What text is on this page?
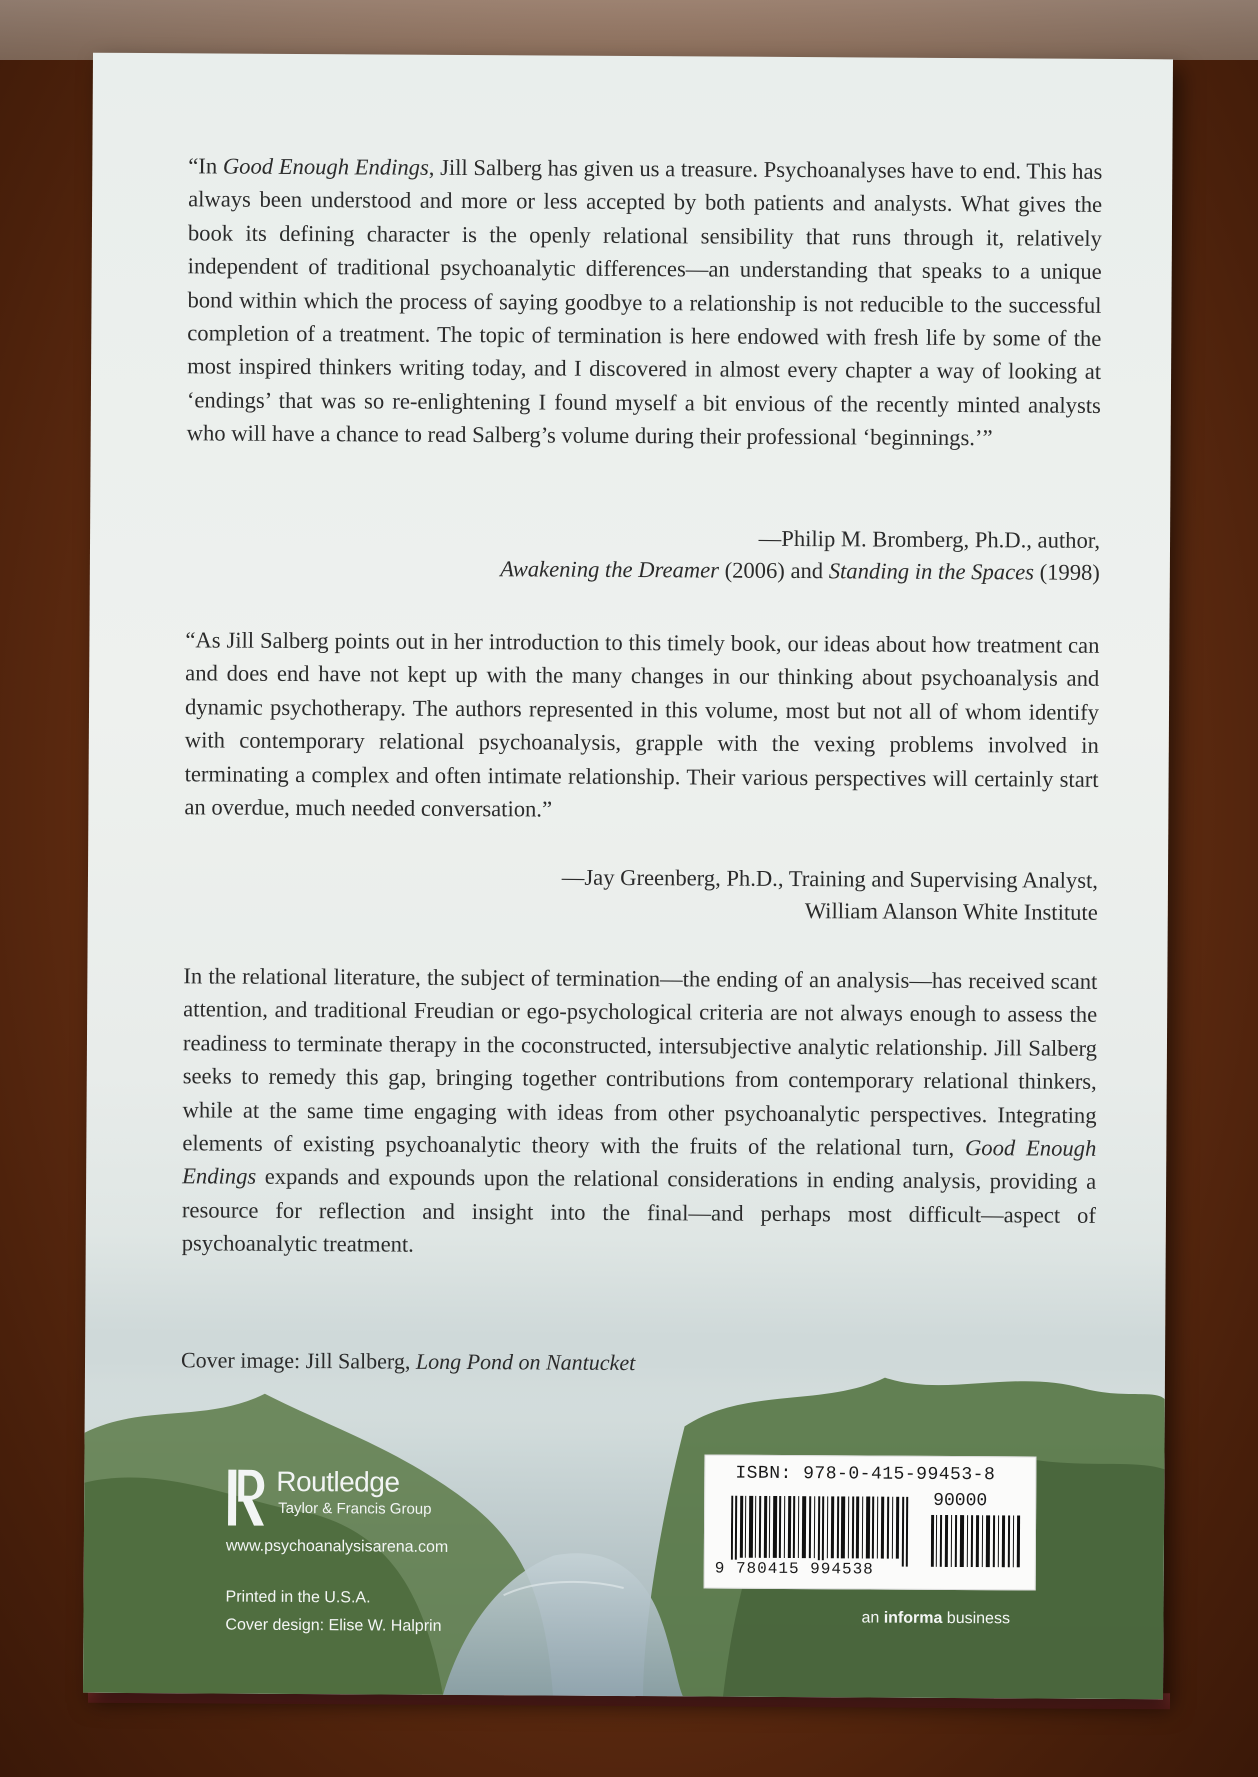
“In Good Enough Endings, Jill Salberg has given us a treasure. Psychoanalyses have to end. This has always been understood and more or less accepted by both patients and analysts. What gives the book its defining character is the openly relational sensibility that runs through it, relatively independent of traditional psychoanalytic differences—an understanding that speaks to a unique bond within which the process of saying goodbye to a relationship is not reducible to the successful completion of a treatment. The topic of termination is here endowed with fresh life by some of the most inspired thinkers writing today, and I discovered in almost every chapter a way of looking at ‘endings’ that was so re-enlightening I found myself a bit envious of the recently minted analysts who will have a chance to read Salberg’s volume during their professional ‘beginnings.’”
—Philip M. Bromberg, Ph.D., author,
Awakening the Dreamer (2006) and Standing in the Spaces (1998)
“As Jill Salberg points out in her introduction to this timely book, our ideas about how treatment can and does end have not kept up with the many changes in our thinking about psychoanalysis and dynamic psychotherapy. The authors represented in this volume, most but not all of whom identify with contemporary relational psychoanalysis, grapple with the vexing problems involved in terminating a complex and often intimate relationship. Their various perspectives will certainly start an overdue, much needed conversation.”
—Jay Greenberg, Ph.D., Training and Supervising Analyst,
William Alanson White Institute
In the relational literature, the subject of termination—the ending of an analysis—has received scant attention, and traditional Freudian or ego-psychological criteria are not always enough to assess the readiness to terminate therapy in the coconstructed, intersubjective analytic relationship. Jill Salberg seeks to remedy this gap, bringing together contributions from contemporary relational thinkers, while at the same time engaging with ideas from other psychoanalytic perspectives. Integrating elements of existing psychoanalytic theory with the fruits of the relational turn, Good Enough Endings expands and expounds upon the relational considerations in ending analysis, providing a resource for reflection and insight into the final—and perhaps most difficult—aspect of psychoanalytic treatment.
Cover image: Jill Salberg, Long Pond on Nantucket
Routledge
Taylor & Francis Group
www.psychoanalysisarena.com
Printed in the U.S.A.
Cover design: Elise W. Halprin
ISBN: 978-0-415-99453-8
90000
9 780415 994538
an informa business
